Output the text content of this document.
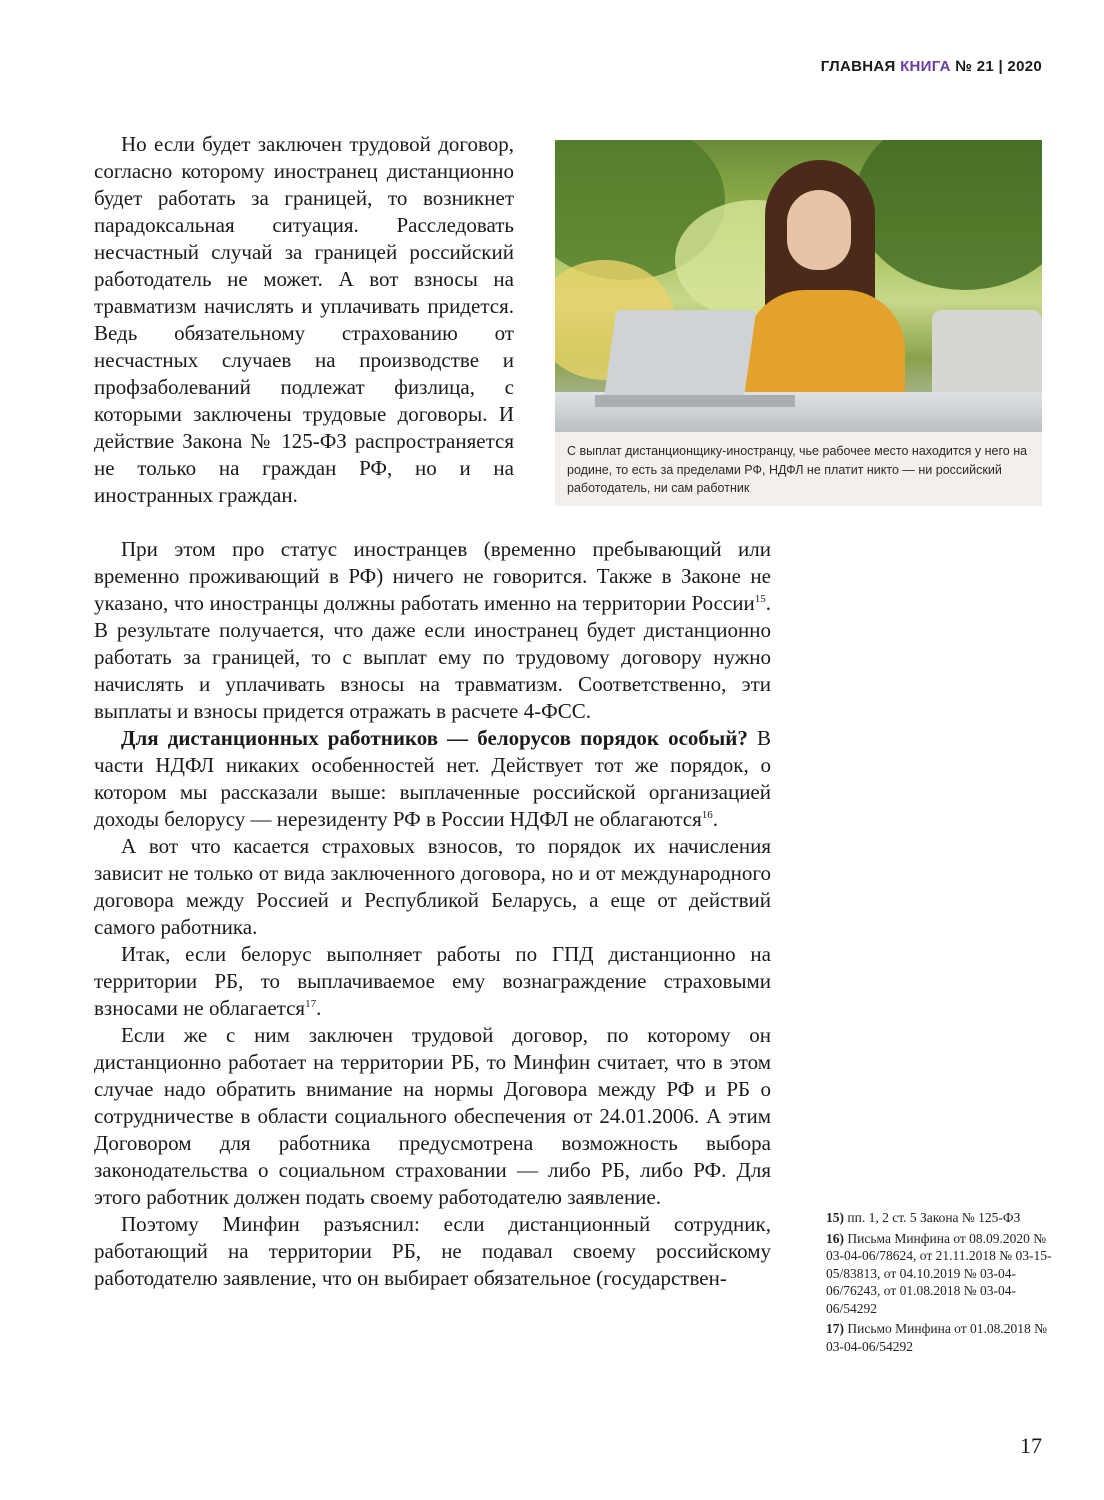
ГЛАВНАЯ КНИГА № 21 | 2020

Но если будет заключен трудовой договор, согласно которому иностранец дистанционно будет работать за границей, то возникнет парадоксальная ситуация. Расследовать несчастный случай за границей российский работодатель не может. А вот взносы на травматизм начислять и уплачивать придется. Ведь обязательному страхованию от несчастных случаев на производстве и профзаболеваний подлежат физлица, с которыми заключены трудовые договоры. И действие Закона № 125-ФЗ распространяется не только на граждан РФ, но и на иностранных граждан.

С выплат дистанционщику-иностранцу, чье рабочее место находится у него на родине, то есть за пределами РФ, НДФЛ не платит никто — ни российский работодатель, ни сам работник

При этом про статус иностранцев (временно пребывающий или временно проживающий в РФ) ничего не говорится. Также в Законе не указано, что иностранцы должны работать именно на территории России$^{15}$. В результате получается, что даже если иностранец будет дистанционно работать за границей, то с выплат ему по трудовому договору нужно начислять и уплачивать взносы на травматизм. Соответственно, эти выплаты и взносы придется отражать в расчете 4-ФСС.

Для дистанционных работников — белорусов порядок особый? В части НДФЛ никаких особенностей нет. Действует тот же порядок, о котором мы рассказали выше: выплаченные российской организацией доходы белорусу — нерезиденту РФ в России НДФЛ не облагаются$^{16}$.

А вот что касается страховых взносов, то порядок их начисления зависит не только от вида заключенного договора, но и от международного договора между Россией и Республикой Беларусь, а еще от действий самого работника.

Итак, если белорус выполняет работы по ГПД дистанционно на территории РБ, то выплачиваемое ему вознаграждение страховыми взносами не облагается$^{17}$.

Если же с ним заключен трудовой договор, по которому он дистанционно работает на территории РБ, то Минфин считает, что в этом случае надо обратить внимание на нормы Договора между РФ и РБ о сотрудничестве в области социального обеспечения от 24.01.2006. А этим Договором для работника предусмотрена возможность выбора законодательства о социальном страховании — либо РБ, либо РФ. Для этого работник должен подать своему работодателю заявление.

Поэтому Минфин разъяснил: если дистанционный сотрудник, работающий на территории РБ, не подавал своему российскому работодателю заявление, что он выбирает обязательное (государствен-

15) пп. 1, 2 ст. 5 Закона № 125-ФЗ
16) Письма Минфина от 08.09.2020 № 03-04-06/78624, от 21.11.2018 № 03-15-05/83813, от 04.10.2019 № 03-04-06/76243, от 01.08.2018 № 03-04-06/54292
17) Письмо Минфина от 01.08.2018 № 03-04-06/54292
17
